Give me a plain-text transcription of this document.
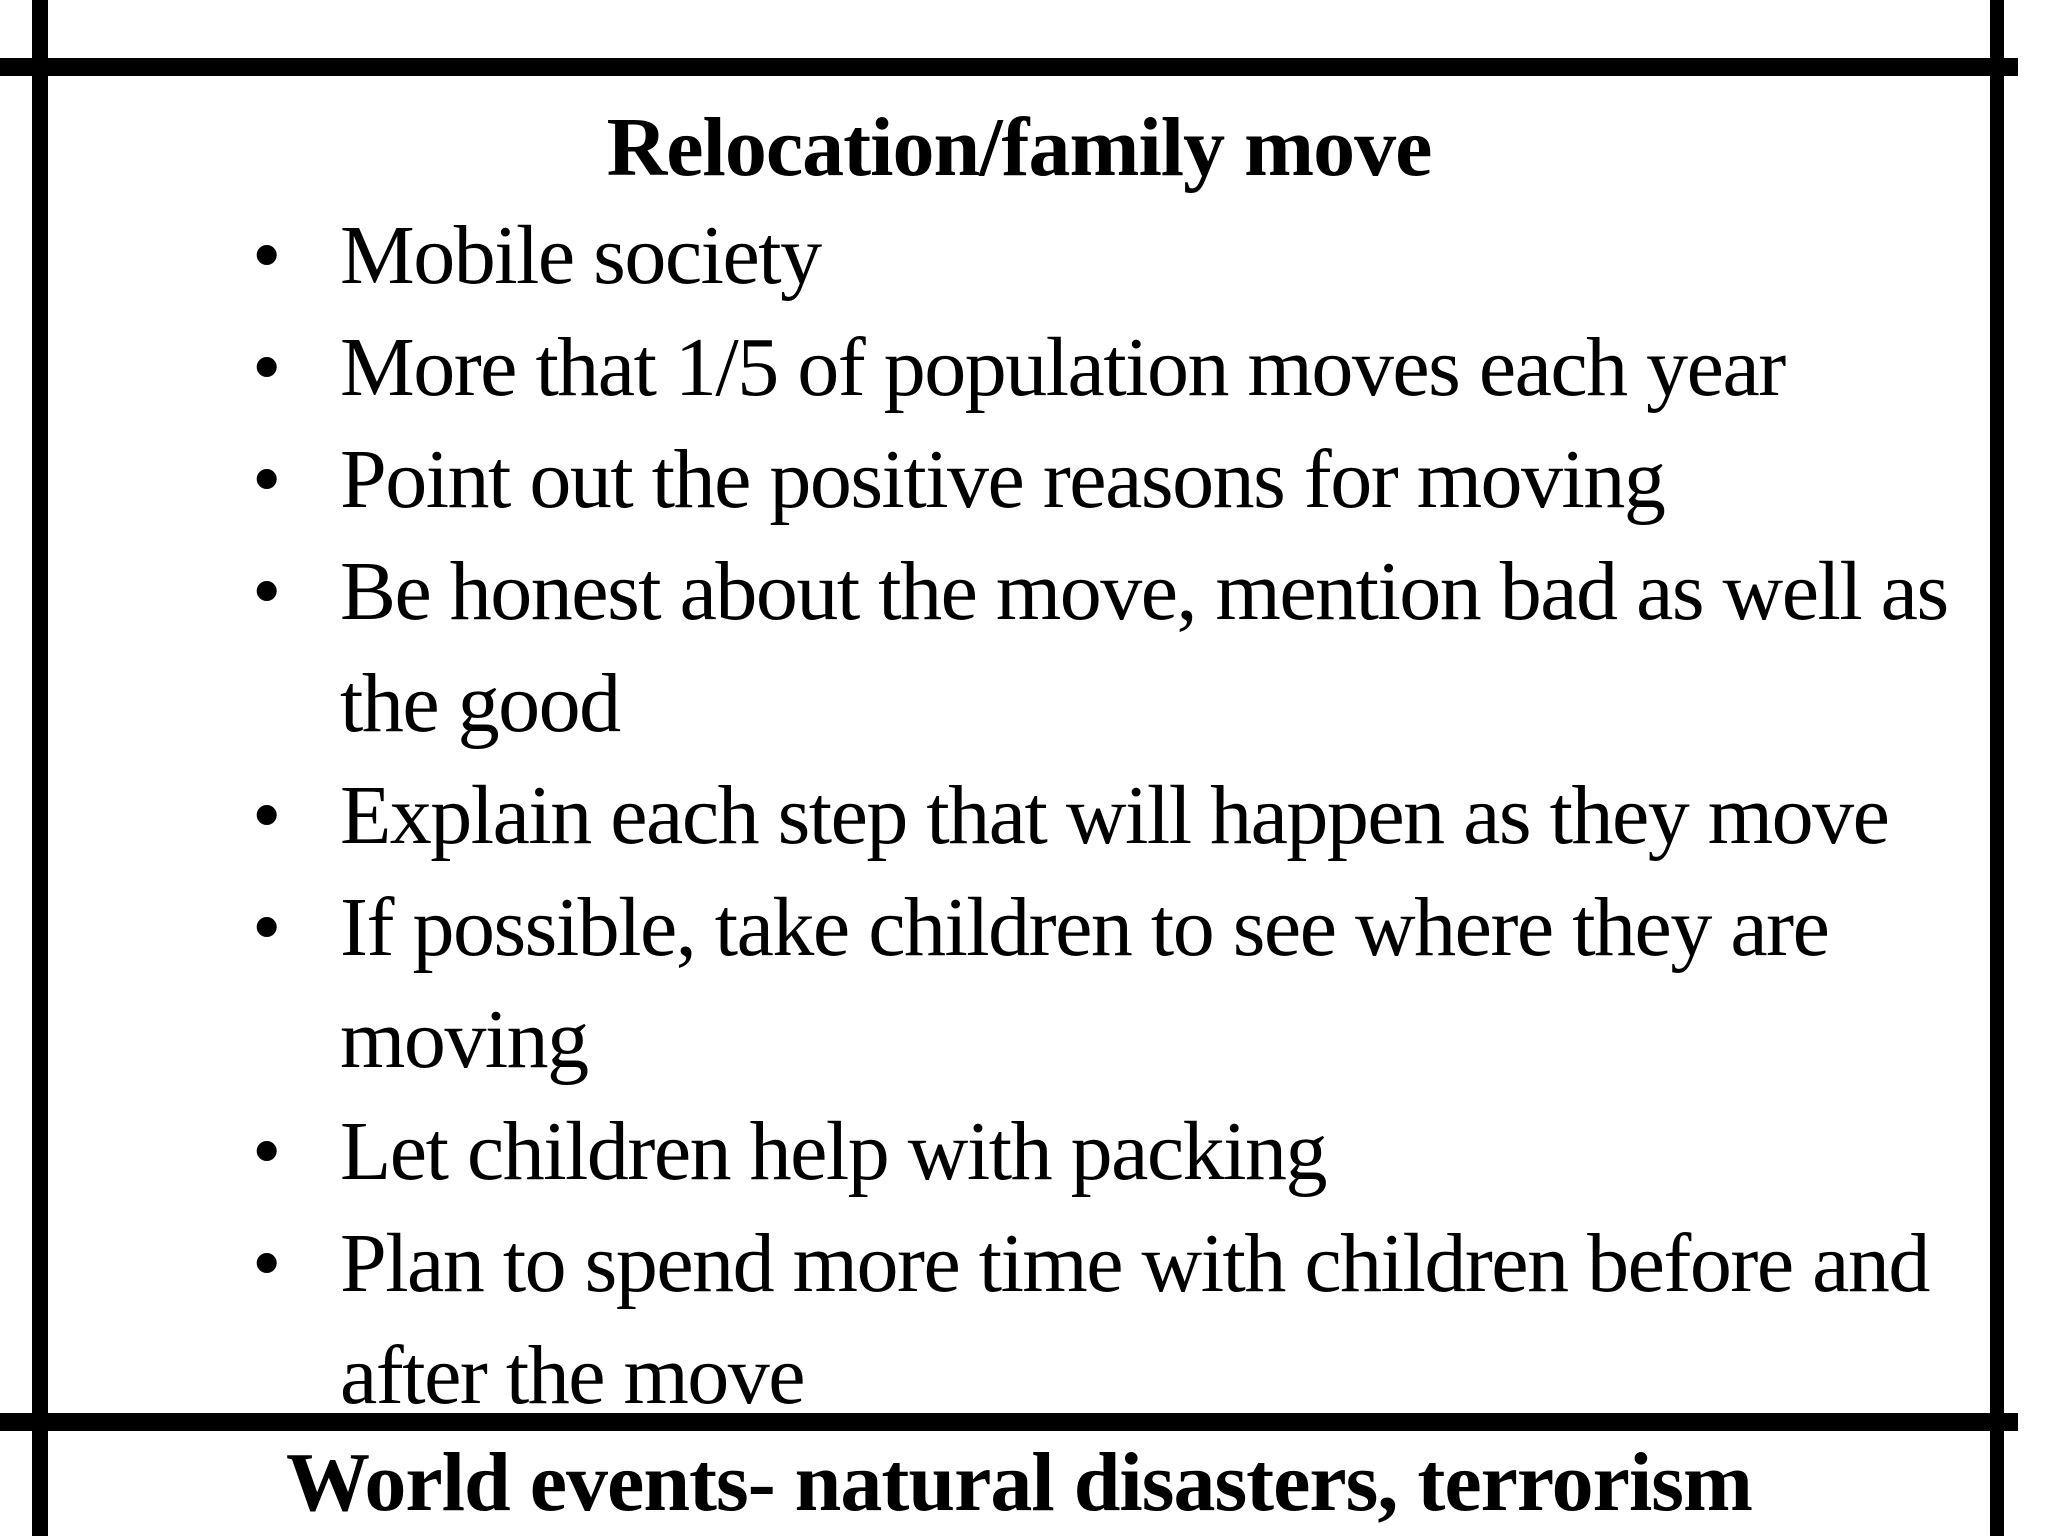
Relocation/family move
• Mobile society
• More that 1/5 of population moves each year
• Point out the positive reasons for moving
• Be honest about the move, mention bad as well as the good
• Explain each step that will happen as they move
• If possible, take children to see where they are moving
• Let children help with packing
• Plan to spend more time with children before and after the move
World events- natural disasters, terrorism
